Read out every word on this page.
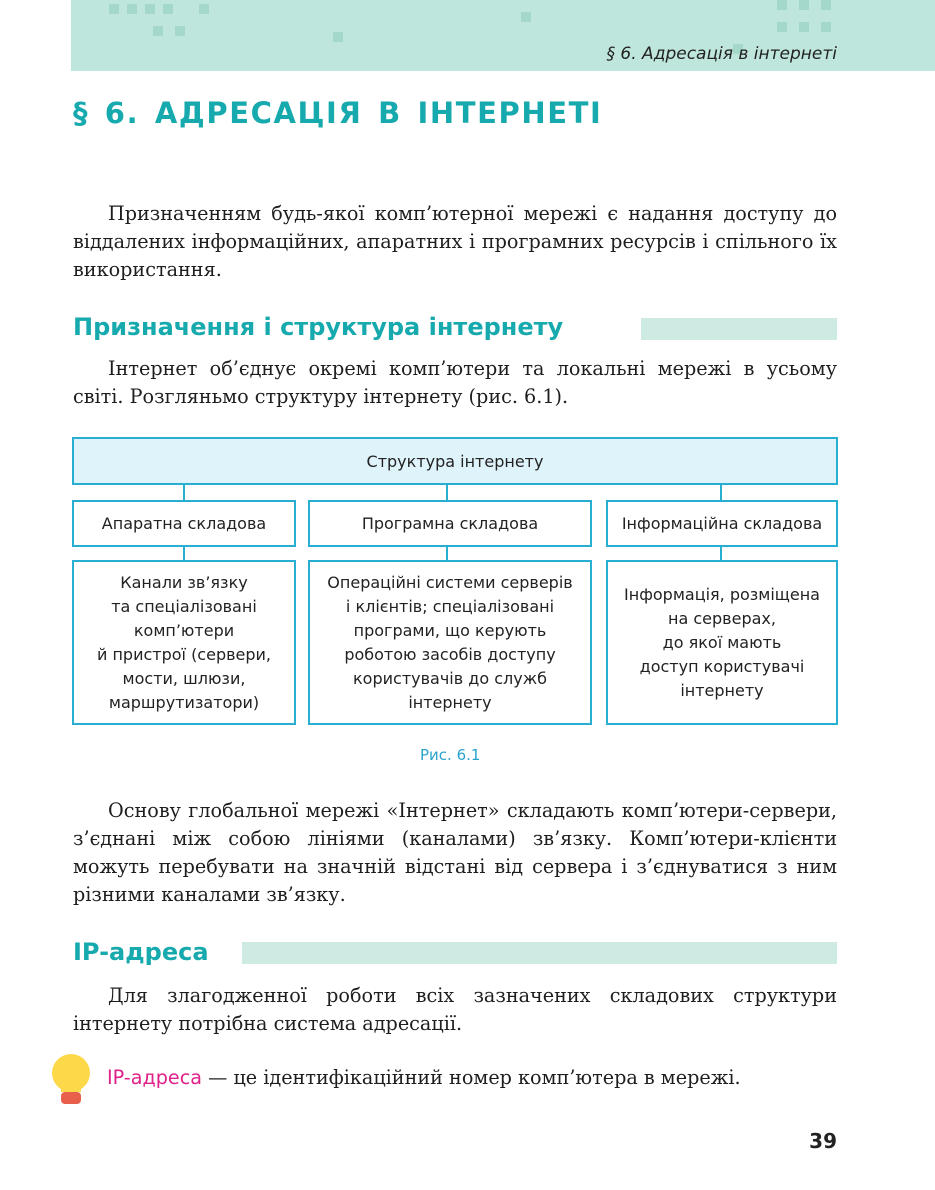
§ 6. Адресація в інтернеті
§ 6. АДРЕСАЦІЯ В ІНТЕРНЕТІ
Призначенням будь-якої комп’ютерної мережі є надання доступу до віддалених інформаційних, апаратних і програмних ресурсів і спільного їх використання.
Призначення і структура інтернету
Інтернет об’єднує окремі комп’ютери та локальні мережі в усьому світі. Розгляньмо структуру інтернету (рис. 6.1).
Структура інтернету
Апаратна складова	Програмна складова	Інформаційна складова
Канали зв’язку
та спеціалізовані
комп’ютери
й пристрої (сервери,
мости, шлюзи,
маршрутизатори)
Операційні системи серверів
і клієнтів; спеціалізовані
програми, що керують
роботою засобів доступу
користувачів до служб
інтернету
Інформація, розміщена
на серверах,
до якої мають
доступ користувачі
інтернету
Рис. 6.1
Основу глобальної мережі «Інтернет» складають комп’ютери-сервери, з’єднані між собою лініями (каналами) зв’язку. Комп’ютери-клієнти можуть перебувати на значній відстані від сервера і з’єднуватися з ним різними каналами зв’язку.
IP-адреса
Для злагодженної роботи всіх зазначених складових структури інтернету потрібна система адресації.
IP-адреса — це ідентифікаційний номер комп’ютера в мережі.
39
